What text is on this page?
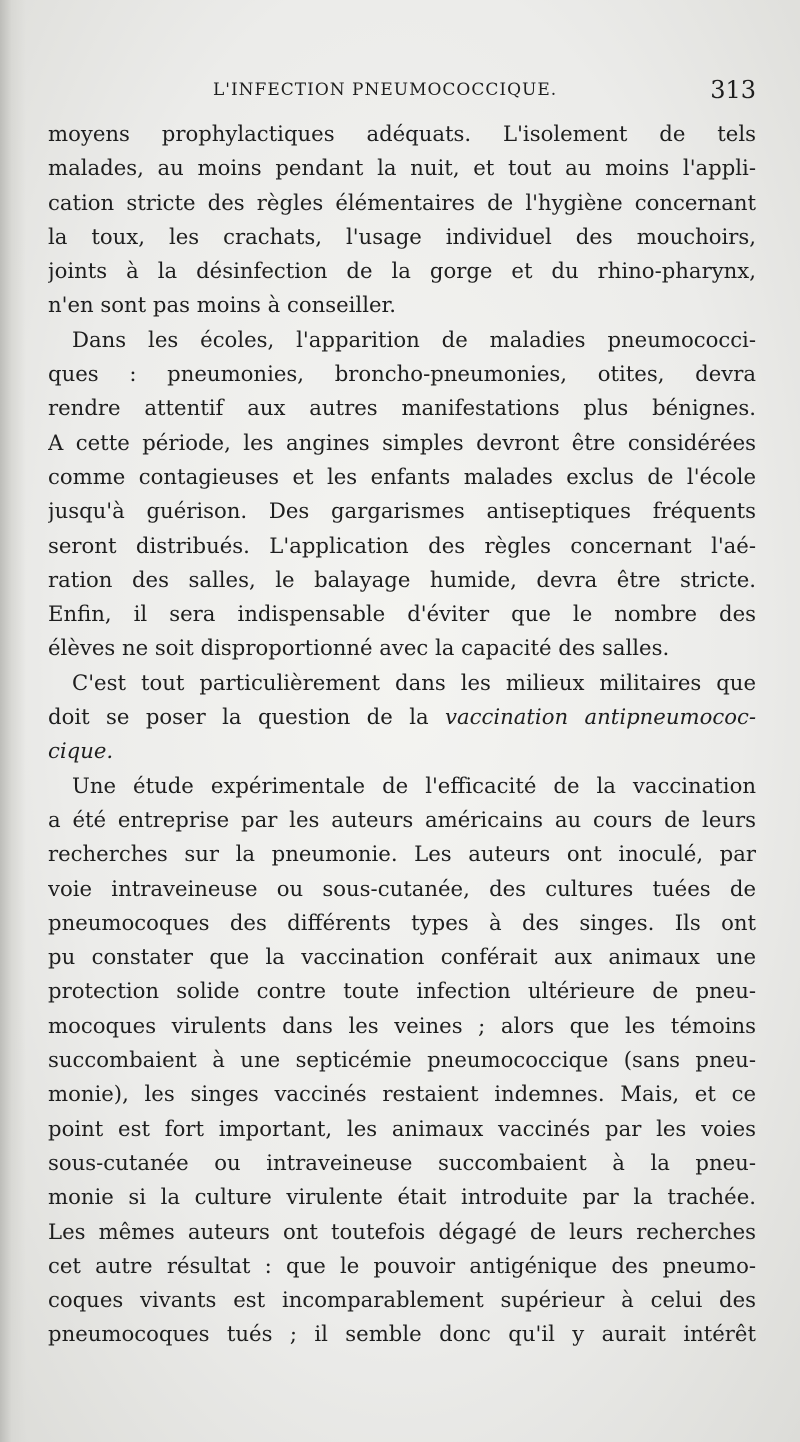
L'INFECTION PNEUMOCOCCIQUE.	313
moyens prophylactiques adéquats. L'isolement de tels
malades, au moins pendant la nuit, et tout au moins l'appli-
cation stricte des règles élémentaires de l'hygiène concernant
la toux, les crachats, l'usage individuel des mouchoirs,
joints à la désinfection de la gorge et du rhino-pharynx,
n'en sont pas moins à conseiller.
Dans les écoles, l'apparition de maladies pneumococci-
ques : pneumonies, broncho-pneumonies, otites, devra
rendre attentif aux autres manifestations plus bénignes.
A cette période, les angines simples devront être considérées
comme contagieuses et les enfants malades exclus de l'école
jusqu'à guérison. Des gargarismes antiseptiques fréquents
seront distribués. L'application des règles concernant l'aé-
ration des salles, le balayage humide, devra être stricte.
Enfin, il sera indispensable d'éviter que le nombre des
élèves ne soit disproportionné avec la capacité des salles.
C'est tout particulièrement dans les milieux militaires que
doit se poser la question de la vaccination antipneumococ-
cique.
Une étude expérimentale de l'efficacité de la vaccination
a été entreprise par les auteurs américains au cours de leurs
recherches sur la pneumonie. Les auteurs ont inoculé, par
voie intraveineuse ou sous-cutanée, des cultures tuées de
pneumocoques des différents types à des singes. Ils ont
pu constater que la vaccination conférait aux animaux une
protection solide contre toute infection ultérieure de pneu-
mocoques virulents dans les veines ; alors que les témoins
succombaient à une septicémie pneumococcique (sans pneu-
monie), les singes vaccinés restaient indemnes. Mais, et ce
point est fort important, les animaux vaccinés par les voies
sous-cutanée ou intraveineuse succombaient à la pneu-
monie si la culture virulente était introduite par la trachée.
Les mêmes auteurs ont toutefois dégagé de leurs recherches
cet autre résultat : que le pouvoir antigénique des pneumo-
coques vivants est incomparablement supérieur à celui des
pneumocoques tués ; il semble donc qu'il y aurait intérêt
